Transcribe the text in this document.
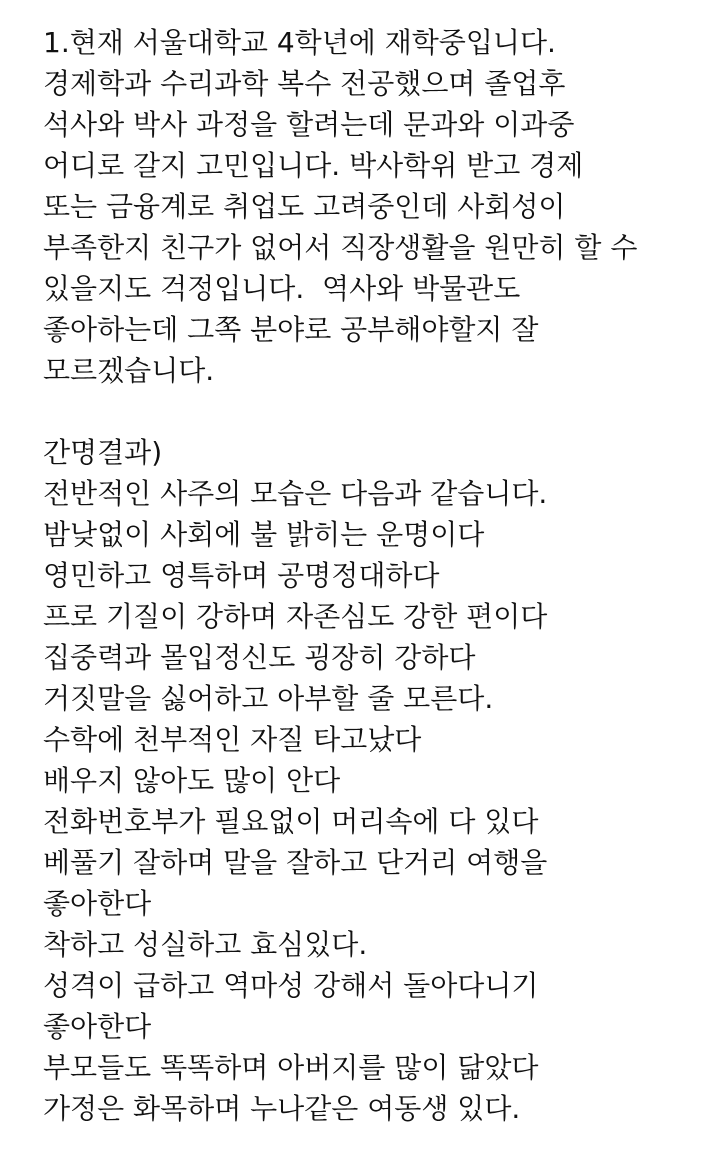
1.현재 서울대학교 4학년에 재학중입니다.
경제학과 수리과학 복수 전공했으며 졸업후
석사와 박사 과정을 할려는데 문과와 이과중
어디로 갈지 고민입니다. 박사학위 받고 경제
또는 금융계로 취업도 고려중인데 사회성이
부족한지 친구가 없어서 직장생활을 원만히 할 수
있을지도 걱정입니다.  역사와 박물관도
좋아하는데 그쪽 분야로 공부해야할지 잘
모르겠습니다.
간명결과)
전반적인 사주의 모습은 다음과 같습니다.
밤낮없이 사회에 불 밝히는 운명이다
영민하고 영특하며 공명정대하다
프로 기질이 강하며 자존심도 강한 편이다
집중력과 몰입정신도 굉장히 강하다
거짓말을 싫어하고 아부할 줄 모른다.
수학에 천부적인 자질 타고났다
배우지 않아도 많이 안다
전화번호부가 필요없이 머리속에 다 있다
베풀기 잘하며 말을 잘하고 단거리 여행을
좋아한다
착하고 성실하고 효심있다.
성격이 급하고 역마성 강해서 돌아다니기
좋아한다
부모들도 똑똑하며 아버지를 많이 닮았다
가정은 화목하며 누나같은 여동생 있다.
